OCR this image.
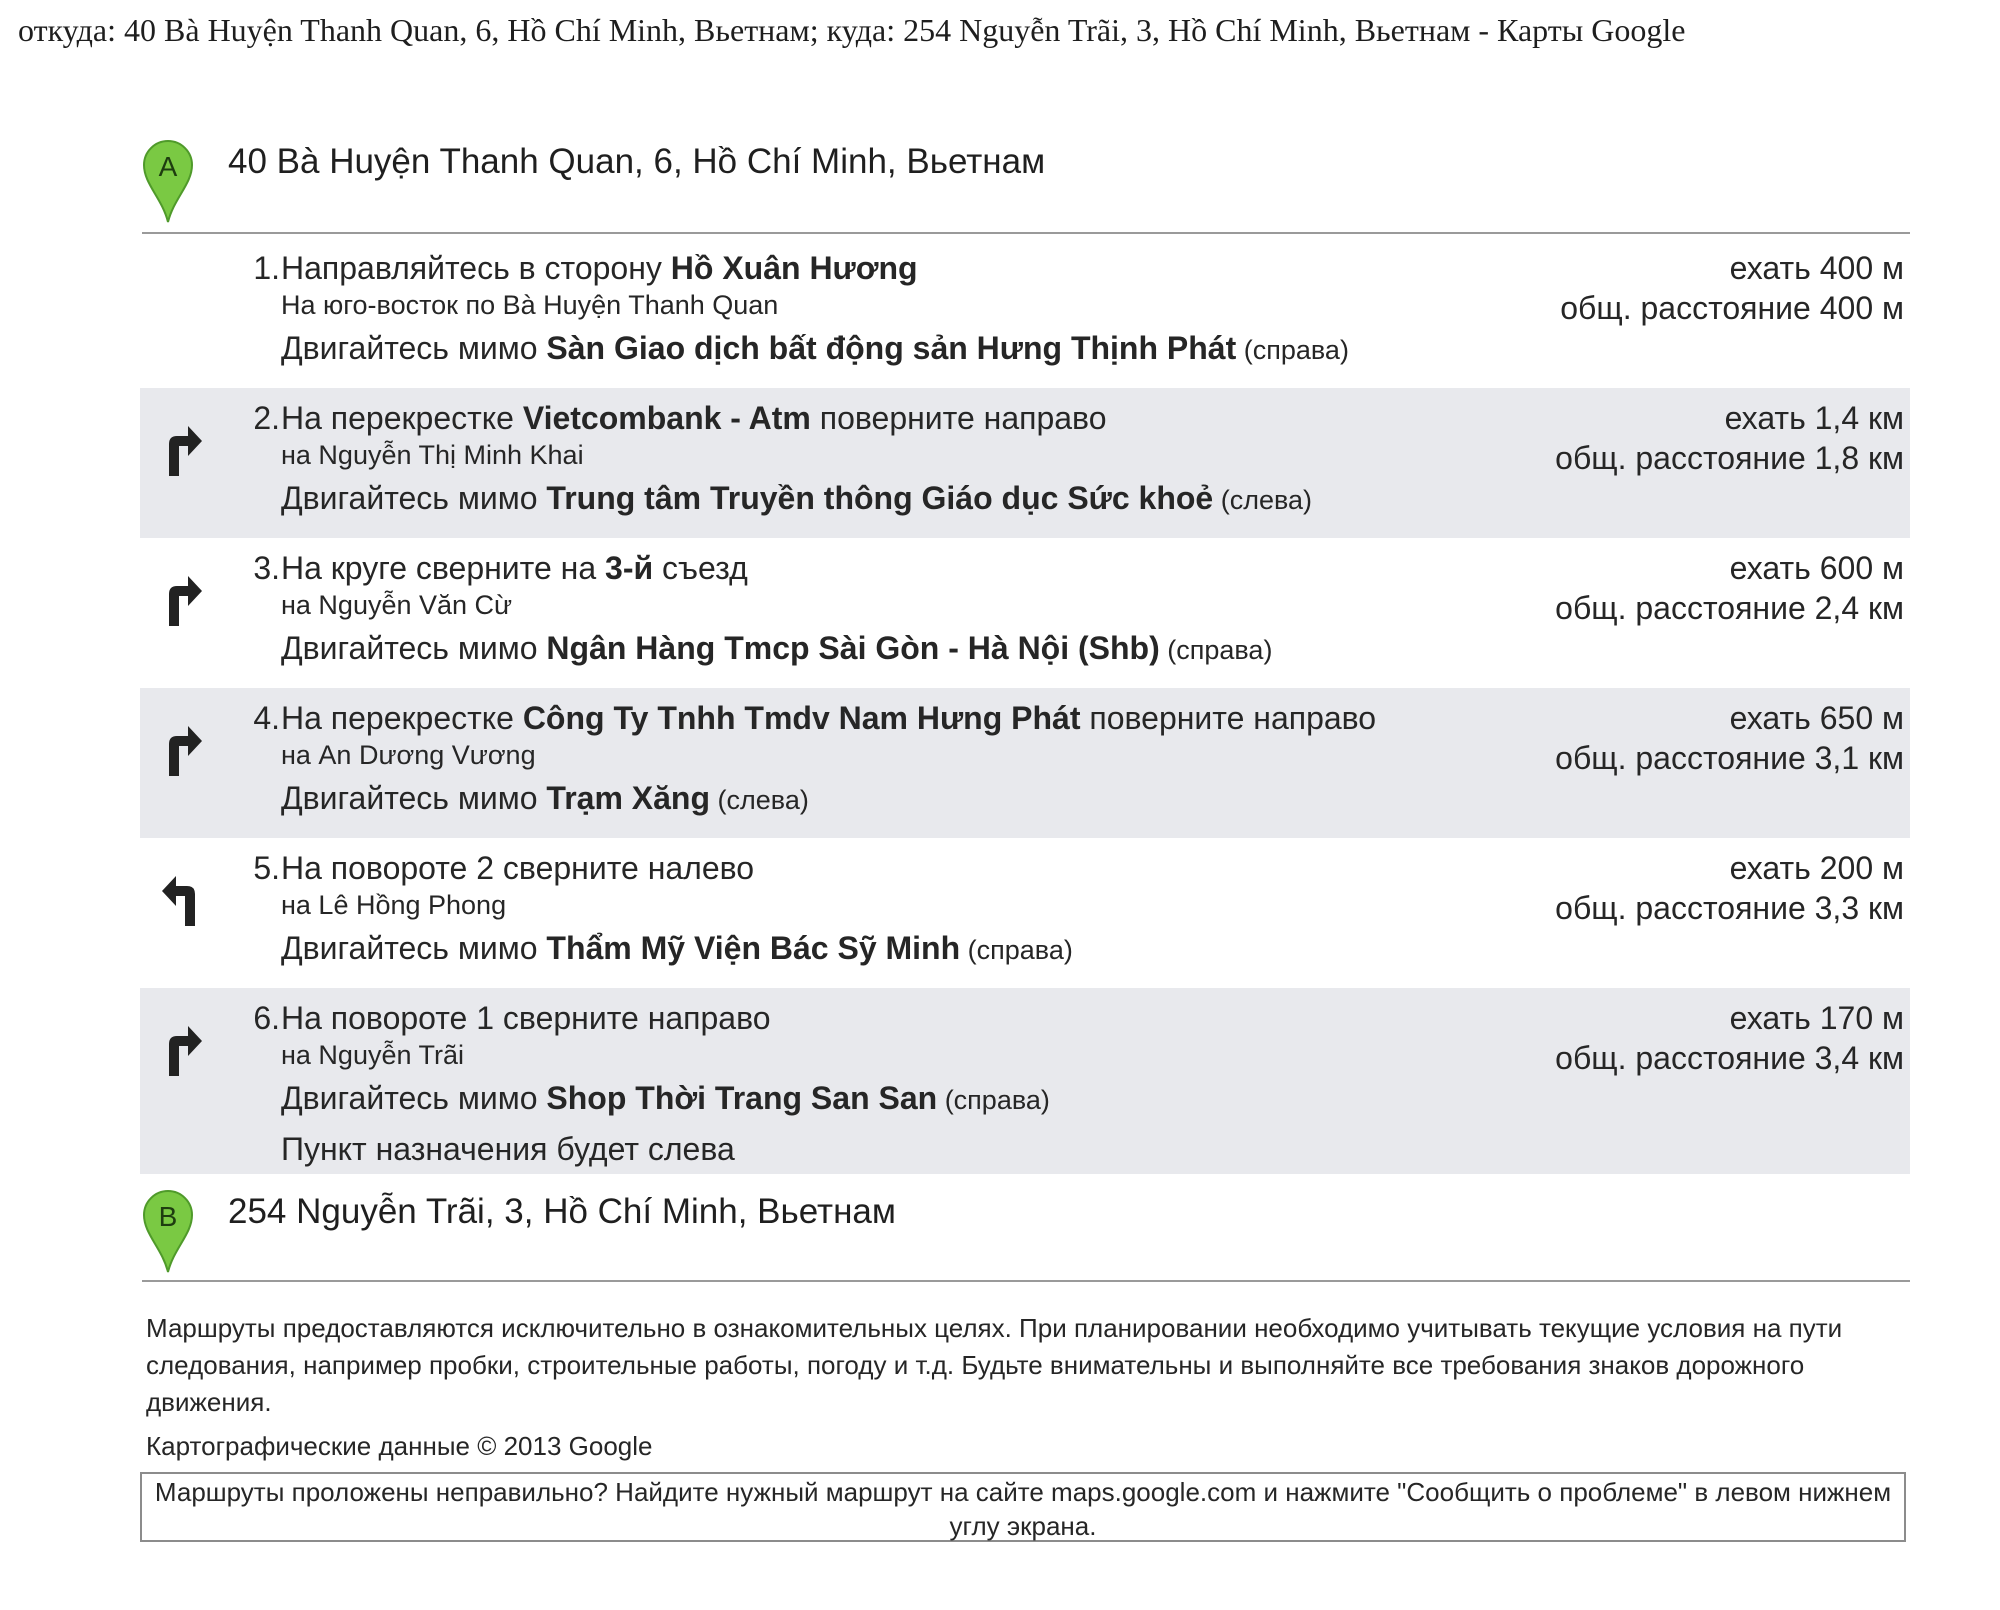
откуда: 40 Bà Huyện Thanh Quan, 6, Hồ Chí Minh, Вьетнам; куда: 254 Nguyễn Trãi, 3, Hồ Chí Minh, Вьетнам - Карты Google
A 40 Bà Huyện Thanh Quan, 6, Hồ Chí Minh, Вьетнам
1. Направляйтесь в сторону Hồ Xuân Hương
На юго-восток по Bà Huyện Thanh Quan
Двигайтесь мимо Sàn Giao dịch bất động sản Hưng Thịnh Phát (справа)
ехать 400 м
общ. расстояние 400 м
2. На перекрестке Vietcombank - Atm поверните направо
на Nguyễn Thị Minh Khai
Двигайтесь мимо Trung tâm Truyền thông Giáo dục Sức khoẻ (слева)
ехать 1,4 км
общ. расстояние 1,8 км
3. На круге сверните на 3-й съезд
на Nguyễn Văn Cừ
Двигайтесь мимо Ngân Hàng Tmcp Sài Gòn - Hà Nội (Shb) (справа)
ехать 600 м
общ. расстояние 2,4 км
4. На перекрестке Công Ty Tnhh Tmdv Nam Hưng Phát поверните направо
на An Dương Vương
Двигайтесь мимо Trạm Xăng (слева)
ехать 650 м
общ. расстояние 3,1 км
5. На повороте 2 сверните налево
на Lê Hồng Phong
Двигайтесь мимо Thẩm Mỹ Viện Bác Sỹ Minh (справа)
ехать 200 м
общ. расстояние 3,3 км
6. На повороте 1 сверните направо
на Nguyễn Trãi
Двигайтесь мимо Shop Thời Trang San San (справа)
Пункт назначения будет слева
ехать 170 м
общ. расстояние 3,4 км
B 254 Nguyễn Trãi, 3, Hồ Chí Minh, Вьетнам
Маршруты предоставляются исключительно в ознакомительных целях. При планировании необходимо учитывать текущие условия на пути следования, например пробки, строительные работы, погоду и т.д. Будьте внимательны и выполняйте все требования знаков дорожного движения.
Картографические данные © 2013 Google
Маршруты проложены неправильно? Найдите нужный маршрут на сайте maps.google.com и нажмите "Сообщить о проблеме" в левом нижнем углу экрана.
